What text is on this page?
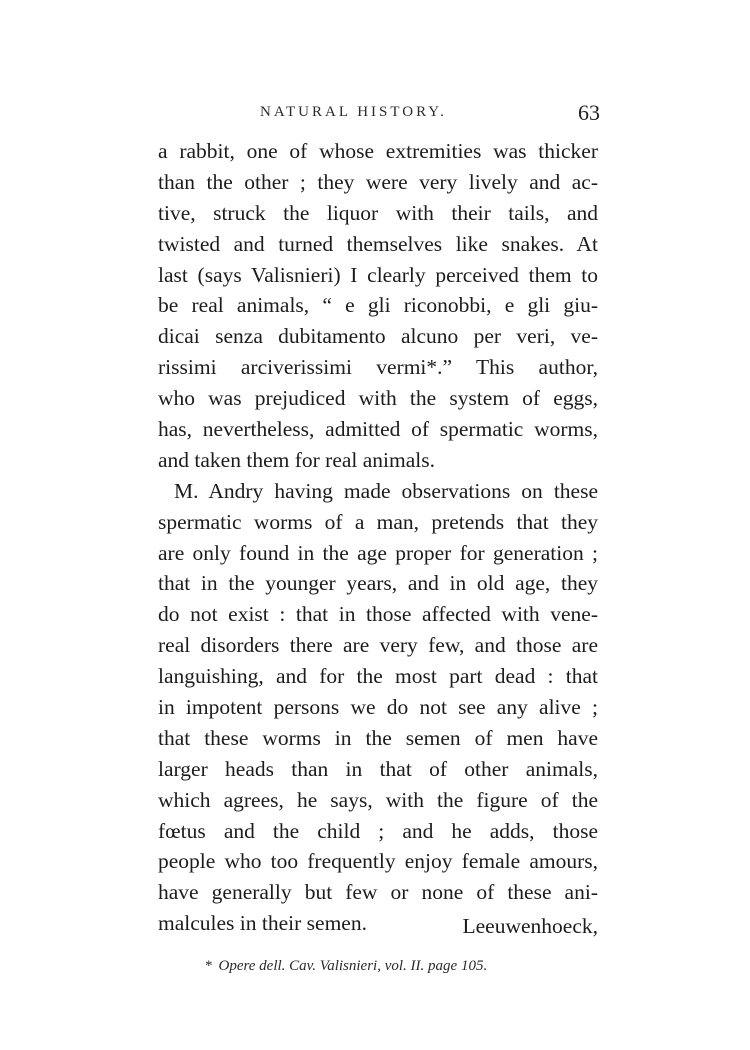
NATURAL HISTORY.	63
a rabbit, one of whose extremities was thicker
than the other ; they were very lively and ac-
tive, struck the liquor with their tails, and
twisted and turned themselves like snakes. At
last (says Valisnieri) I clearly perceived them to
be real animals, “ e gli riconobbi, e gli giu-
dicai senza dubitamento alcuno per veri, ve-
rissimi arciverissimi vermi*.” This author,
who was prejudiced with the system of eggs,
has, nevertheless, admitted of spermatic worms,
and taken them for real animals.
M. Andry having made observations on these
spermatic worms of a man, pretends that they
are only found in the age proper for generation ;
that in the younger years, and in old age, they
do not exist : that in those affected with vene-
real disorders there are very few, and those are
languishing, and for the most part dead : that
in impotent persons we do not see any alive ;
that these worms in the semen of men have
larger heads than in that of other animals,
which agrees, he says, with the figure of the
fœtus and the child ; and he adds, those
people who too frequently enjoy female amours,
have generally but few or none of these ani-
malcules in their semen.	Leeuwenhoeck,
* Opere dell. Cav. Valisnieri, vol. II. page 105.
